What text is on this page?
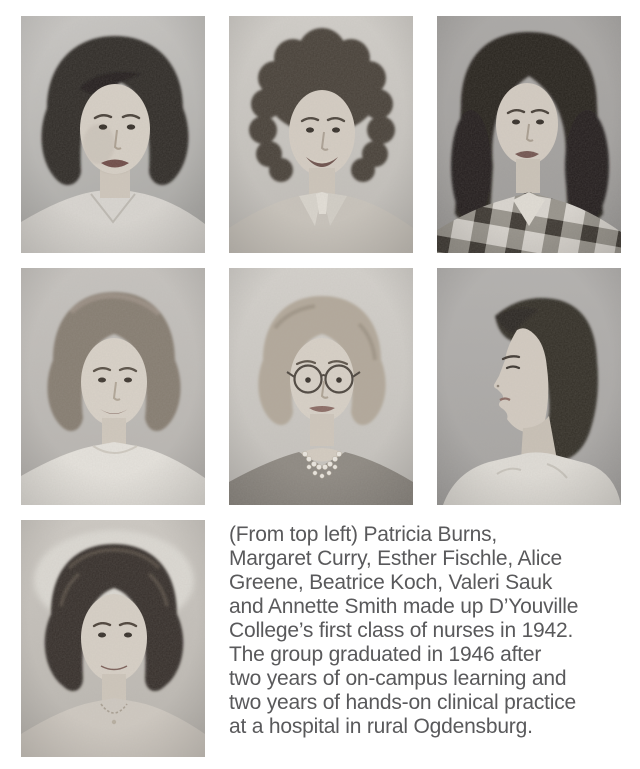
(From top left) Patricia Burns,
Margaret Curry, Esther Fischle, Alice
Greene, Beatrice Koch, Valeri Sauk
and Annette Smith made up D’Youville
College’s first class of nurses in 1942.
The group graduated in 1946 after
two years of on-campus learning and
two years of hands-on clinical practice
at a hospital in rural Ogdensburg.
